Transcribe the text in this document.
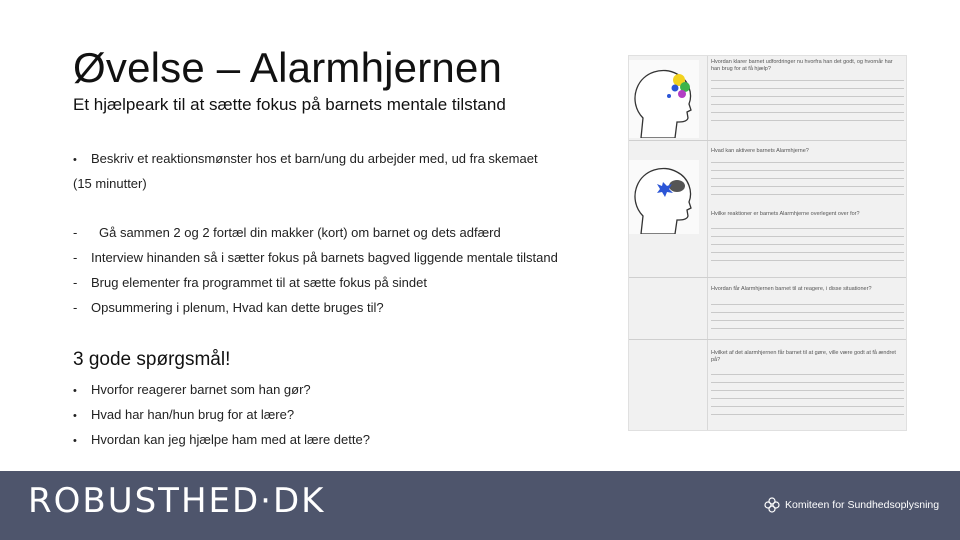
Øvelse – Alarmhjernen
Et hjælpeark til at sætte fokus på barnets mentale tilstand
• Beskriv et reaktionsmønster hos et barn/ung du arbejder med, ud fra skemaet
(15 minutter)
- Gå sammen 2 og 2 fortæl din makker (kort) om barnet og dets adfærd
- Interview hinanden så i sætter fokus på barnets bagved liggende mentale tilstand
- Brug elementer fra programmet til at sætte fokus på sindet
- Opsummering i plenum, Hvad kan dette bruges til?
3 gode spørgsmål!
• Hvorfor reagerer barnet som han gør?
• Hvad har han/hun brug for at lære?
• Hvordan kan jeg hjælpe ham med at lære dette?
Hvordan klarer barnet udfordringer nu hvorfra han det godt, og hvornår har han brug for at få hjælp?
Hvad kan aktivere barnets Alarmhjerne?
Hvilke reaktioner er barnets Alarmhjerne overlegent over for?
Hvordan får Alarmhjernen barnet til at reagere, i disse situationer?
Hvilket af det alarmhjernen får barnet til at gøre, ville være godt at få ændret på?
ROBUSTHED·DK	Komiteen for Sundhedsoplysning
